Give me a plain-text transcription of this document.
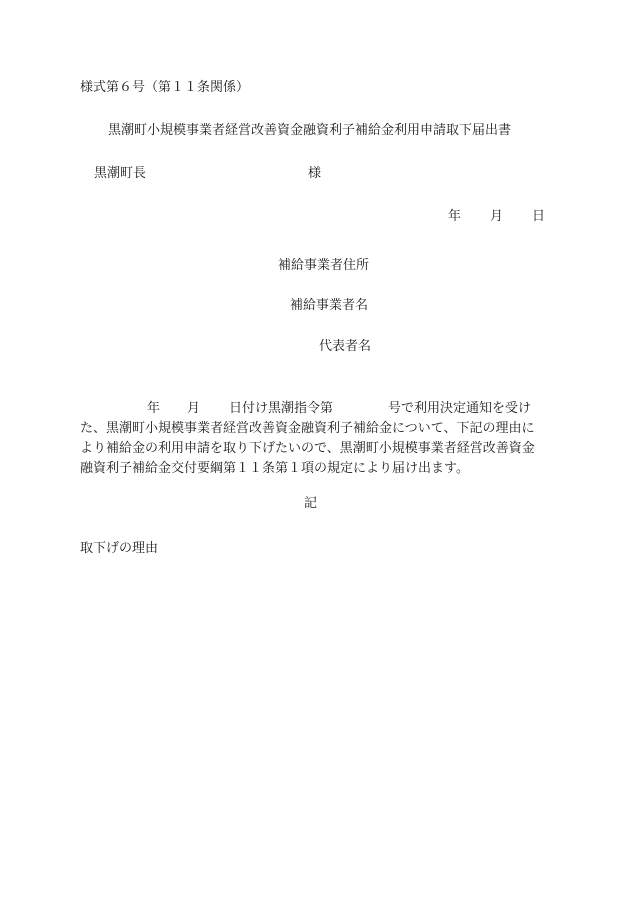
様式第６号（第１１条関係）
黒潮町小規模事業者経営改善資金融資利子補給金利用申請取下届出書
黒潮町長	様
年	月	日
補給事業者住所
補給事業者名
代表者名
年 月 日付け黒潮指令第	号で利用決定通知を受け
た、黒潮町小規模事業者経営改善資金融資利子補給金について、下記の理由に
より補給金の利用申請を取り下げたいので、黒潮町小規模事業者経営改善資金
融資利子補給金交付要綱第１１条第１項の規定により届け出ます。
記
取下げの理由
